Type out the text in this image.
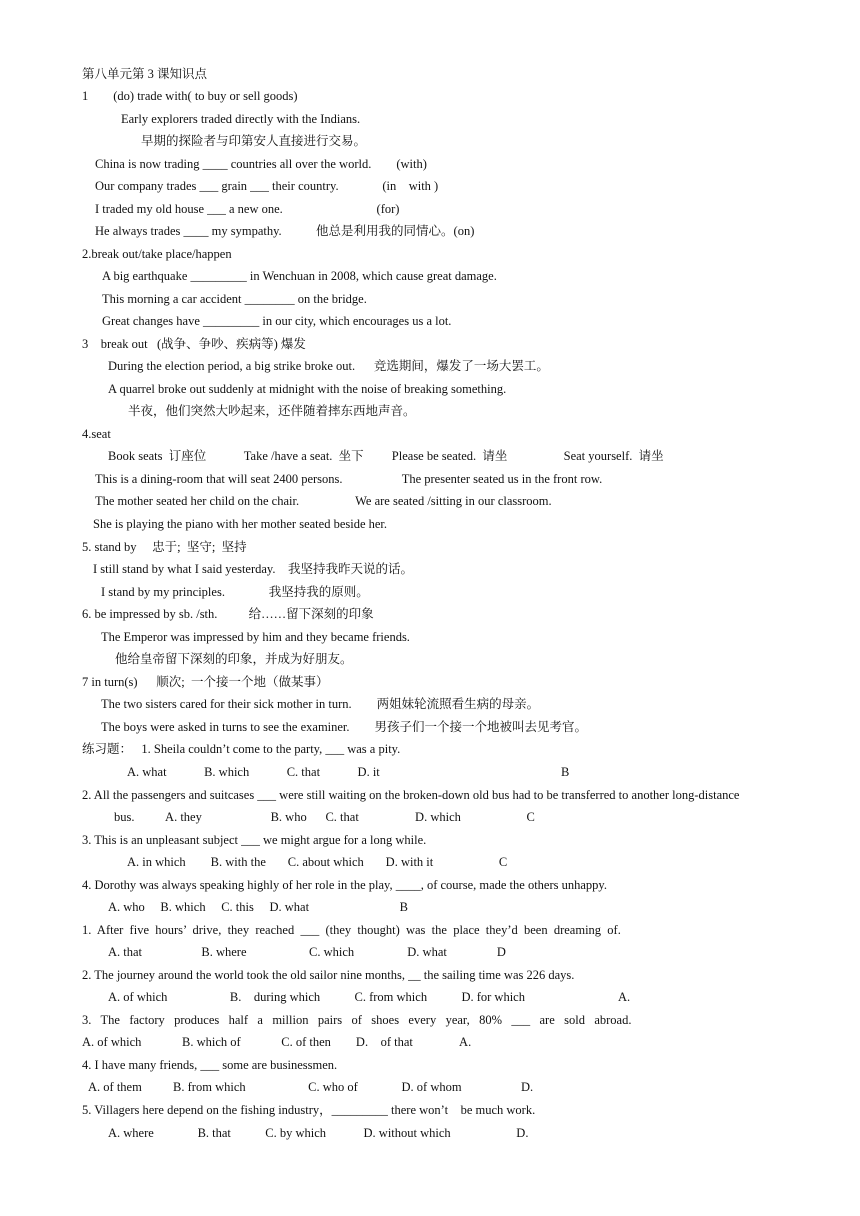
第八单元第 3 课知识点
1        (do) trade with( to buy or sell goods)
Early explorers traded directly with the Indians.
早期的探险者与印第安人直接进行交易。
China is now trading ____ countries all over the world.        (with)
Our company trades ___ grain ___ their country.              (in    with )
I traded my old house ___ a new one.                              (for)
He always trades ____ my sympathy.           他总是利用我的同情心。(on)
2.break out/take place/happen
A big earthquake _________ in Wenchuan in 2008, which cause great damage.
This morning a car accident ________ on the bridge.
Great changes have _________ in our city, which encourages us a lot.
3    break out   (战争、争吵、疾病等) 爆发
During the election period, a big strike broke out.      竞选期间，爆发了一场大罢工。
A quarrel broke out suddenly at midnight with the noise of breaking something.
半夜，他们突然大吵起来，还伴随着摔东西地声音。
4.seat
Book seats  订座位            Take /have a seat.  坐下         Please be seated.  请坐                  Seat yourself.  请坐
This is a dining-room that will seat 2400 persons.                   The presenter seated us in the front row.
The mother seated her child on the chair.                  We are seated /sitting in our classroom.
She is playing the piano with her mother seated beside her.
5. stand by     忠于;  坚守;  坚持
I still stand by what I said yesterday.    我坚持我昨天说的话。
I stand by my principles.              我坚持我的原则。
6. be impressed by sb. /sth.          给……留下深刻的印象
The Emperor was impressed by him and they became friends.
他给皇帝留下深刻的印象，并成为好朋友。
7 in turn(s)      顺次;  一个接一个地（做某事）
The two sisters cared for their sick mother in turn.        两姐妹轮流照看生病的母亲。
The boys were asked in turns to see the examiner.        男孩子们一个接一个地被叫去见考官。
练习题：   1. Sheila couldn’t come to the party, ___ was a pity.
A. what            B. which            C. that            D. it                                                          B
2. All the passengers and suitcases ___ were still waiting on the broken-down old bus had to be transferred to another long-distance
bus.          A. they                      B. who      C. that                  D. which                     C
3. This is an unpleasant subject ___ we might argue for a long while.
A. in which        B. with the       C. about which       D. with it                     C
4. Dorothy was always speaking highly of her role in the play, ____, of course, made the others unhappy.
A. who     B. which     C. this     D. what                             B
1.  After  five  hours’  drive,  they  reached  ___  (they  thought)  was  the  place  they’d  been  dreaming  of.
A. that                   B. where                    C. which                 D. what                D
2. The journey around the world took the old sailor nine months, __ the sailing time was 226 days.
A. of which                    B.    during which           C. from which           D. for which                              A.
3.   The   factory   produces   half   a   million   pairs   of   shoes   every   year,   80%   ___   are   sold   abroad.
A. of which             B. which of             C. of then        D.    of that               A.
4. I have many friends, ___ some are businessmen.
A. of them          B. from which                    C. who of              D. of whom                   D.
5. Villagers here depend on the fishing industry，_________ there won’t    be much work.
A. where              B. that           C. by which            D. without which                     D.
